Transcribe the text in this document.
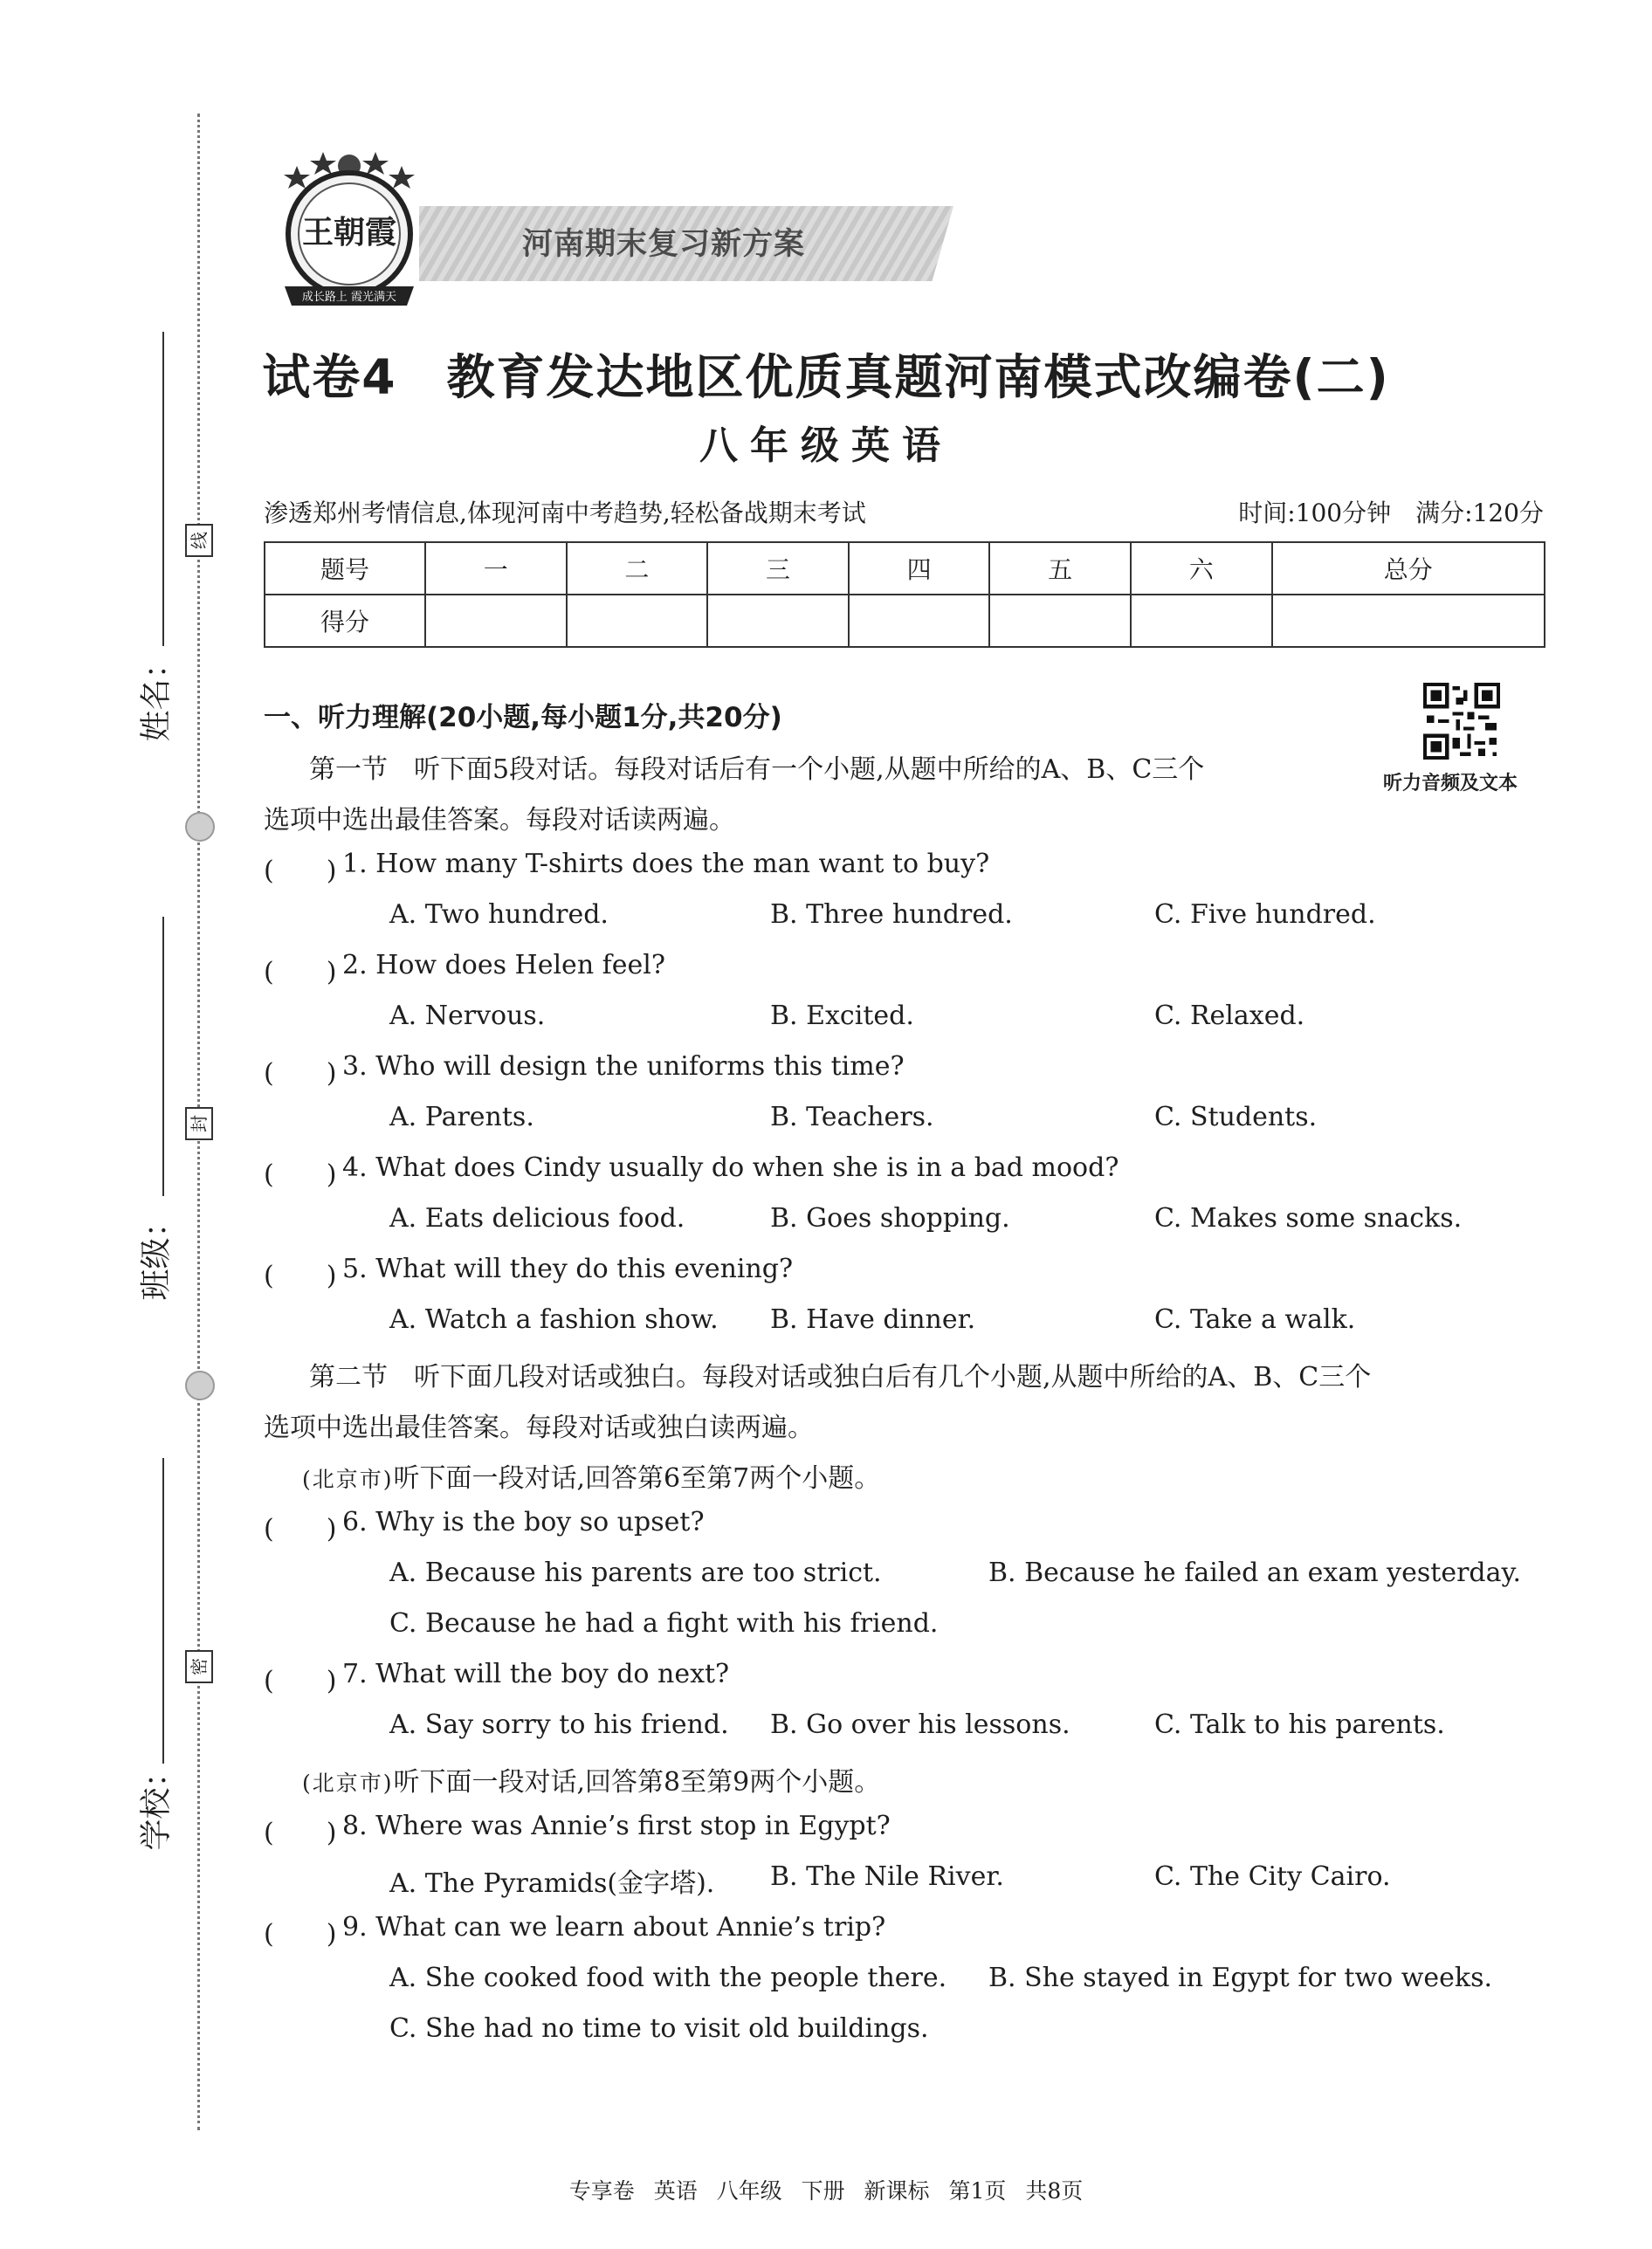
姓名：
班级：
学校：
线
封
密
王朝霞
成长路上 霞光满天
河南期末复习新方案
试卷4　教育发达地区优质真题河南模式改编卷(二)
八年级英语
渗透郑州考情信息,体现河南中考趋势,轻松备战期末考试	时间:100分钟　满分:120分
题号	一	二	三	四	五	六	总分
得分							
听力音频及文本
一、听力理解(20小题,每小题1分,共20分)
第一节　听下面5段对话。每段对话后有一个小题,从题中所给的A、B、C三个
选项中选出最佳答案。每段对话读两遍。
(　　) 1. How many T-shirts does the man want to buy?
A. Two hundred.	B. Three hundred.	C. Five hundred.
(　　) 2. How does Helen feel?
A. Nervous.	B. Excited.	C. Relaxed.
(　　) 3. Who will design the uniforms this time?
A. Parents.	B. Teachers.	C. Students.
(　　) 4. What does Cindy usually do when she is in a bad mood?
A. Eats delicious food.	B. Goes shopping.	C. Makes some snacks.
(　　) 5. What will they do this evening?
A. Watch a fashion show. B. Have dinner.	C. Take a walk.
第二节　听下面几段对话或独白。每段对话或独白后有几个小题,从题中所给的A、B、C三个
选项中选出最佳答案。每段对话或独白读两遍。
(北京市)听下面一段对话,回答第6至第7两个小题。
(　　) 6. Why is the boy so upset?
A. Because his parents are too strict.	B. Because he failed an exam yesterday.
C. Because he had a fight with his friend.
(　　) 7. What will the boy do next?
A. Say sorry to his friend. B. Go over his lessons.	C. Talk to his parents.
(北京市)听下面一段对话,回答第8至第9两个小题。
(　　) 8. Where was Annie’s first stop in Egypt?
A. The Pyramids(金字塔). B. The Nile River.	C. The City Cairo.
(　　) 9. What can we learn about Annie’s trip?
A. She cooked food with the people there. B. She stayed in Egypt for two weeks.
C. She had no time to visit old buildings.
专享卷 英语 八年级 下册 新课标 第1页 共8页
